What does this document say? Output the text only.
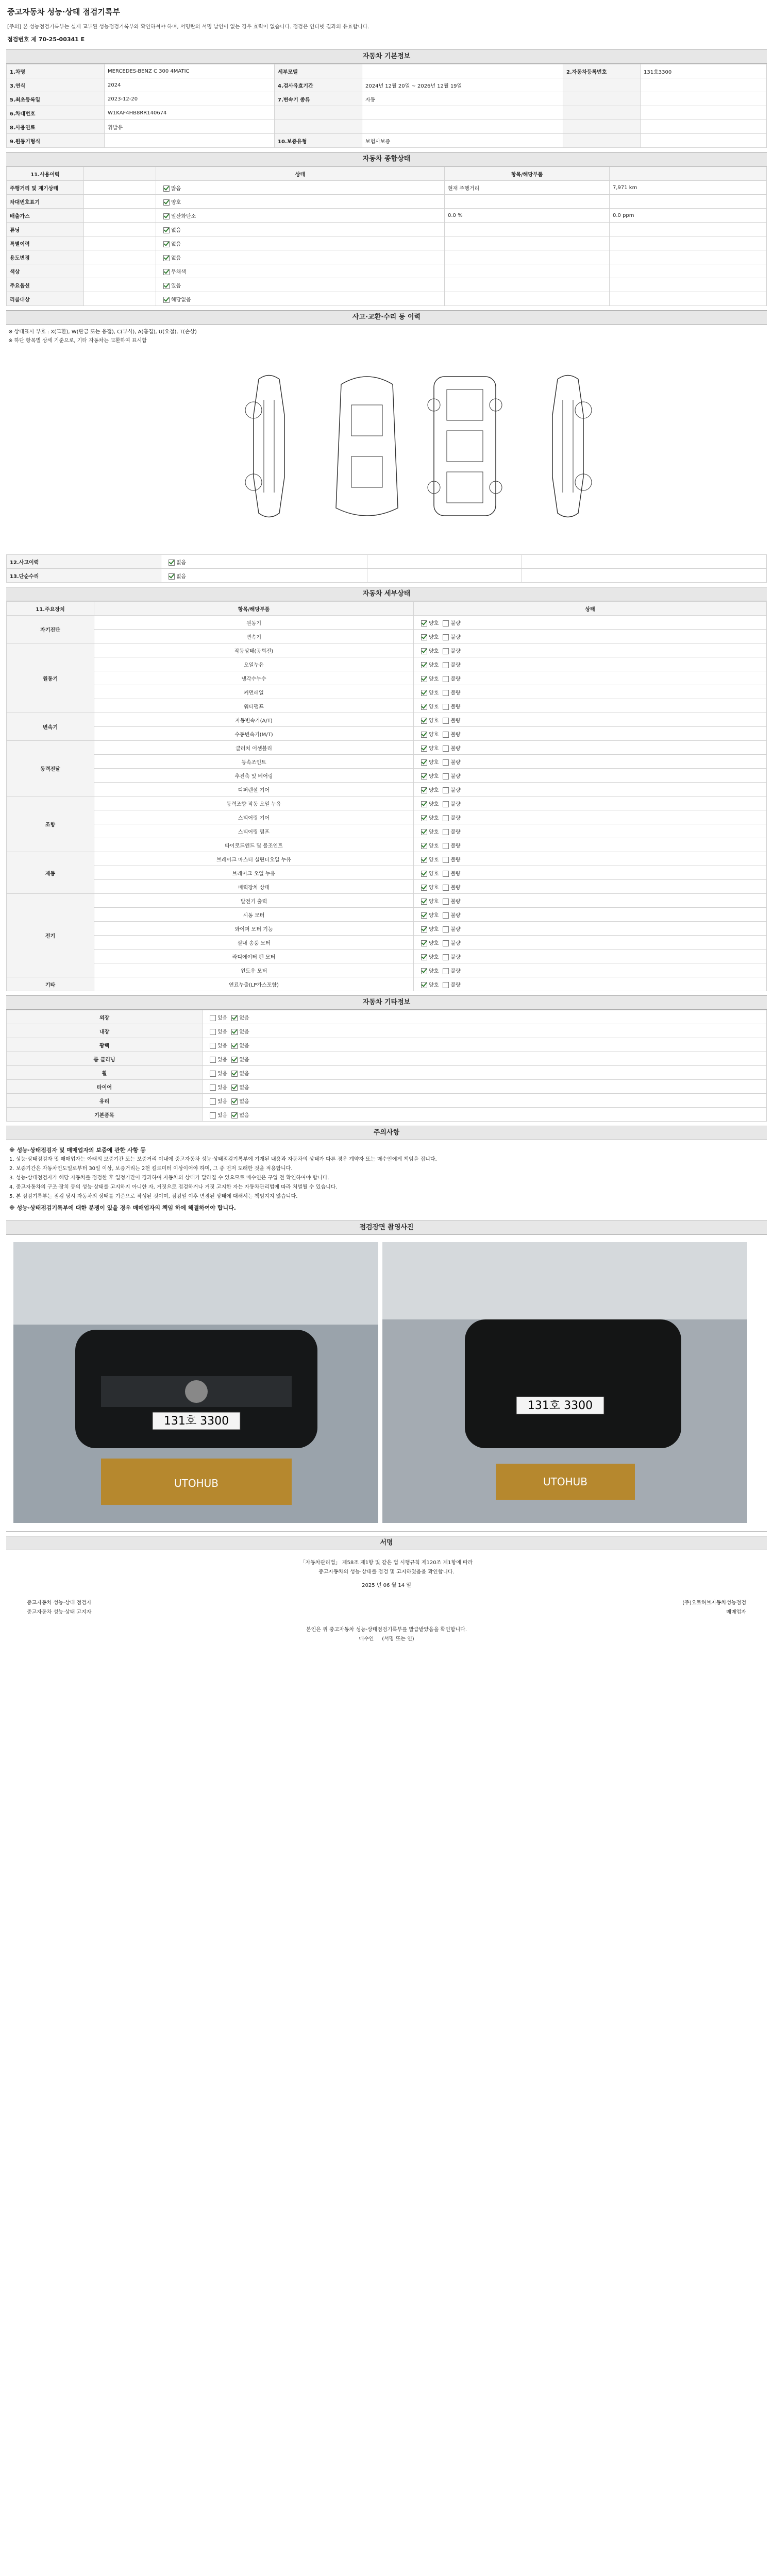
중고자동차 성능·상태 점검기록부
[주의] 본 성능점검기록부는 실제 교부된 성능점검기록부와 확인하셔야 하며, 서명란의 서명 날인이 없는 경우 효력이 없습니다. 점검은 인터넷 결과의 유효합니다.
점검번호 제 70-25-00341 E
자동차 기본정보
1.차명	MERCEDES-BENZ C 300 4MATIC	세부모델		2.자동차등록번호	131호3300
3.연식	2024	4.검사유효기간	2024년 12월 20일 ~ 2026년 12월 19일		
5.최초등록일	2023-12-20	7.변속기 종류	자동		
6.차대번호	W1KAF4HB8RR140674				
8.사용연료	휘발유				
9.원동기형식		10.보증유형	보험사보증		
자동차 종합상태
11.사용이력		상태	항목/해당부품	
주행거리 및 계기상태		많음	현재 주행거리	7,971 km
차대번호표기		양호		
배출가스		일산화탄소	0.0 %	0.0 ppm
튜닝		없음		
특별이력		없음		
용도변경		없음		
색상		무채색		
주요옵션		있음		
리콜대상		해당없음		
사고·교환·수리 등 이력
※ 상태표시 부호 : X(교환), W(판금 또는 용접), C(부식), A(흠집), U(요철), T(손상)
※ 하단 항목별 상세 기준으로, 기타 자동차는 교환하여 표시함
12.사고이력	없음		
13.단순수리	없음		
자동차 세부상태
11.주요장치	항목/해당부품	상태
자기진단	원동기	양호 불량
	변속기	양호 불량
원동기	작동상태(공회전)	양호 불량
	오일누유	양호 불량
	냉각수누수	양호 불량
	커먼레일	양호 불량
	워터펌프	양호 불량
변속기	자동변속기(A/T)	양호 불량
	수동변속기(M/T)	양호 불량
동력전달	클러치 어셈블리	양호 불량
	등속조인트	양호 불량
	추진축 및 베어링	양호 불량
	디퍼렌셜 기어	양호 불량
조향	동력조향 작동 오일 누유	양호 불량
	스티어링 기어	양호 불량
	스티어링 펌프	양호 불량
	타이로드엔드 및 볼조인트	양호 불량
제동	브레이크 마스터 실린더오일 누유	양호 불량
	브레이크 오일 누유	양호 불량
	배력장치 상태	양호 불량
전기	발전기 출력	양호 불량
	시동 모터	양호 불량
	와이퍼 모터 기능	양호 불량
	실내 송풍 모터	양호 불량
	라디에이터 팬 모터	양호 불량
	윈도우 모터	양호 불량
기타	연료누출(LP가스포함)	양호 불량
자동차 기타정보
외장	있음 없음
내장	있음 없음
광택	있음 없음
룸 클리닝	있음 없음
휠	있음 없음
타이어	있음 없음
유리	있음 없음
기본품목	있음 없음
주의사항

※ 성능·상태점검자 및 매매업자의 보증에 관한 사항 등

1. 성능·상태점검자 및 매매업자는 아래의 보증기간 또는 보증거리 이내에 중고자동차 성능·상태점검기록부에 기재된 내용과 자동차의 상태가 다른 경우 계약자 또는 매수인에게 책임을 집니다.

2. 보증기간은 자동차인도일로부터 30일 이상, 보증거리는 2천 킬로미터 이상이어야 하며, 그 중 먼저 도래한 것을 적용합니다.

3. 성능·상태점검자가 해당 자동차를 점검한 후 일정기간이 경과하여 자동차의 상태가 달라질 수 있으므로 매수인은 구입 전 확인하여야 합니다.

4. 중고자동차의 구조·장치 등의 성능·상태를 고지하지 아니한 자, 거짓으로 점검하거나 거짓 고지한 자는 자동차관리법에 따라 처벌될 수 있습니다.

5. 본 점검기록부는 점검 당시 자동차의 상태를 기준으로 작성된 것이며, 점검일 이후 변경된 상태에 대해서는 책임지지 않습니다.

※ 성능·상태점검기록부에 대한 분쟁이 있을 경우 매매업자의 책임 하에 해결하여야 합니다.

점검장면 촬영사진
131호 3300
UTOHUB
131호 3300
UTOHUB
서명
「자동차관리법」 제58조 제1항 및 같은 법 시행규칙 제120조 제1항에 따라
중고자동차의 성능·상태를 점검 및 고지하였음을 확인합니다.
2025 년 06 월 14 일
중고자동차 성능·상태 점검자	(주)오토허브자동차성능점검
중고자동차 성능·상태 고지자	매매업자
본인은 위 중고자동차 성능·상태점검기록부를 발급받았음을 확인합니다.
매수인 (서명 또는 인)
